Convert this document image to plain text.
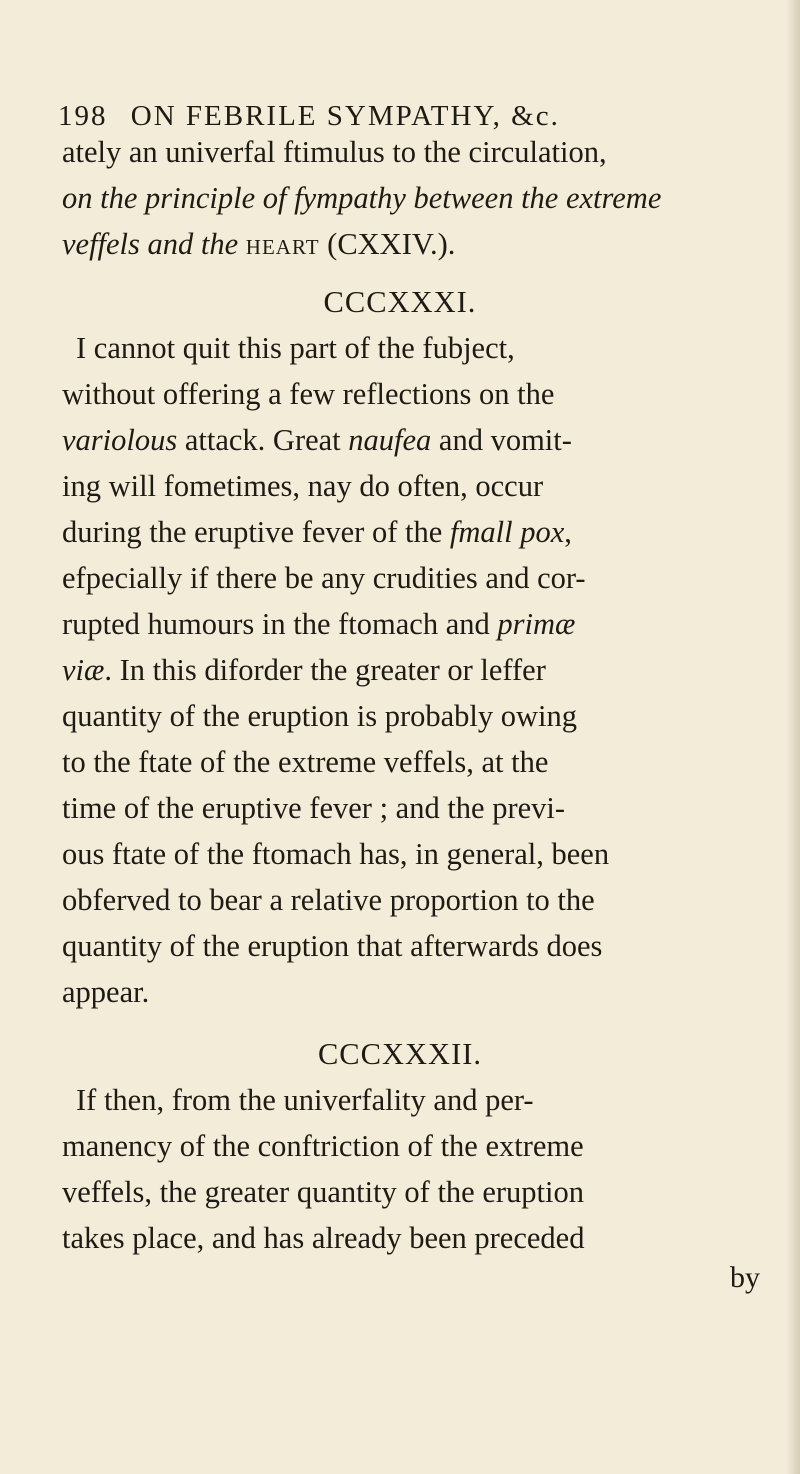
198 ON FEBRILE SYMPATHY, &c.
ately an univerfal ftimulus to the circulation,
on the principle of fympathy between the extreme
veffels and the heart (CXXIV.).
CCCXXXI.
I cannot quit this part of the fubject,
without offering a few reflections on the
variolous attack. Great naufea and vomit-
ing will fometimes, nay do often, occur
during the eruptive fever of the fmall pox,
efpecially if there be any crudities and cor-
rupted humours in the ftomach and primæ
viæ. In this diforder the greater or leffer
quantity of the eruption is probably owing
to the ftate of the extreme veffels, at the
time of the eruptive fever ; and the previ-
ous ftate of the ftomach has, in general, been
obferved to bear a relative proportion to the
quantity of the eruption that afterwards does
appear.
CCCXXXII.
If then, from the univerfality and per-
manency of the conftriction of the extreme
veffels, the greater quantity of the eruption
takes place, and has already been preceded
by
